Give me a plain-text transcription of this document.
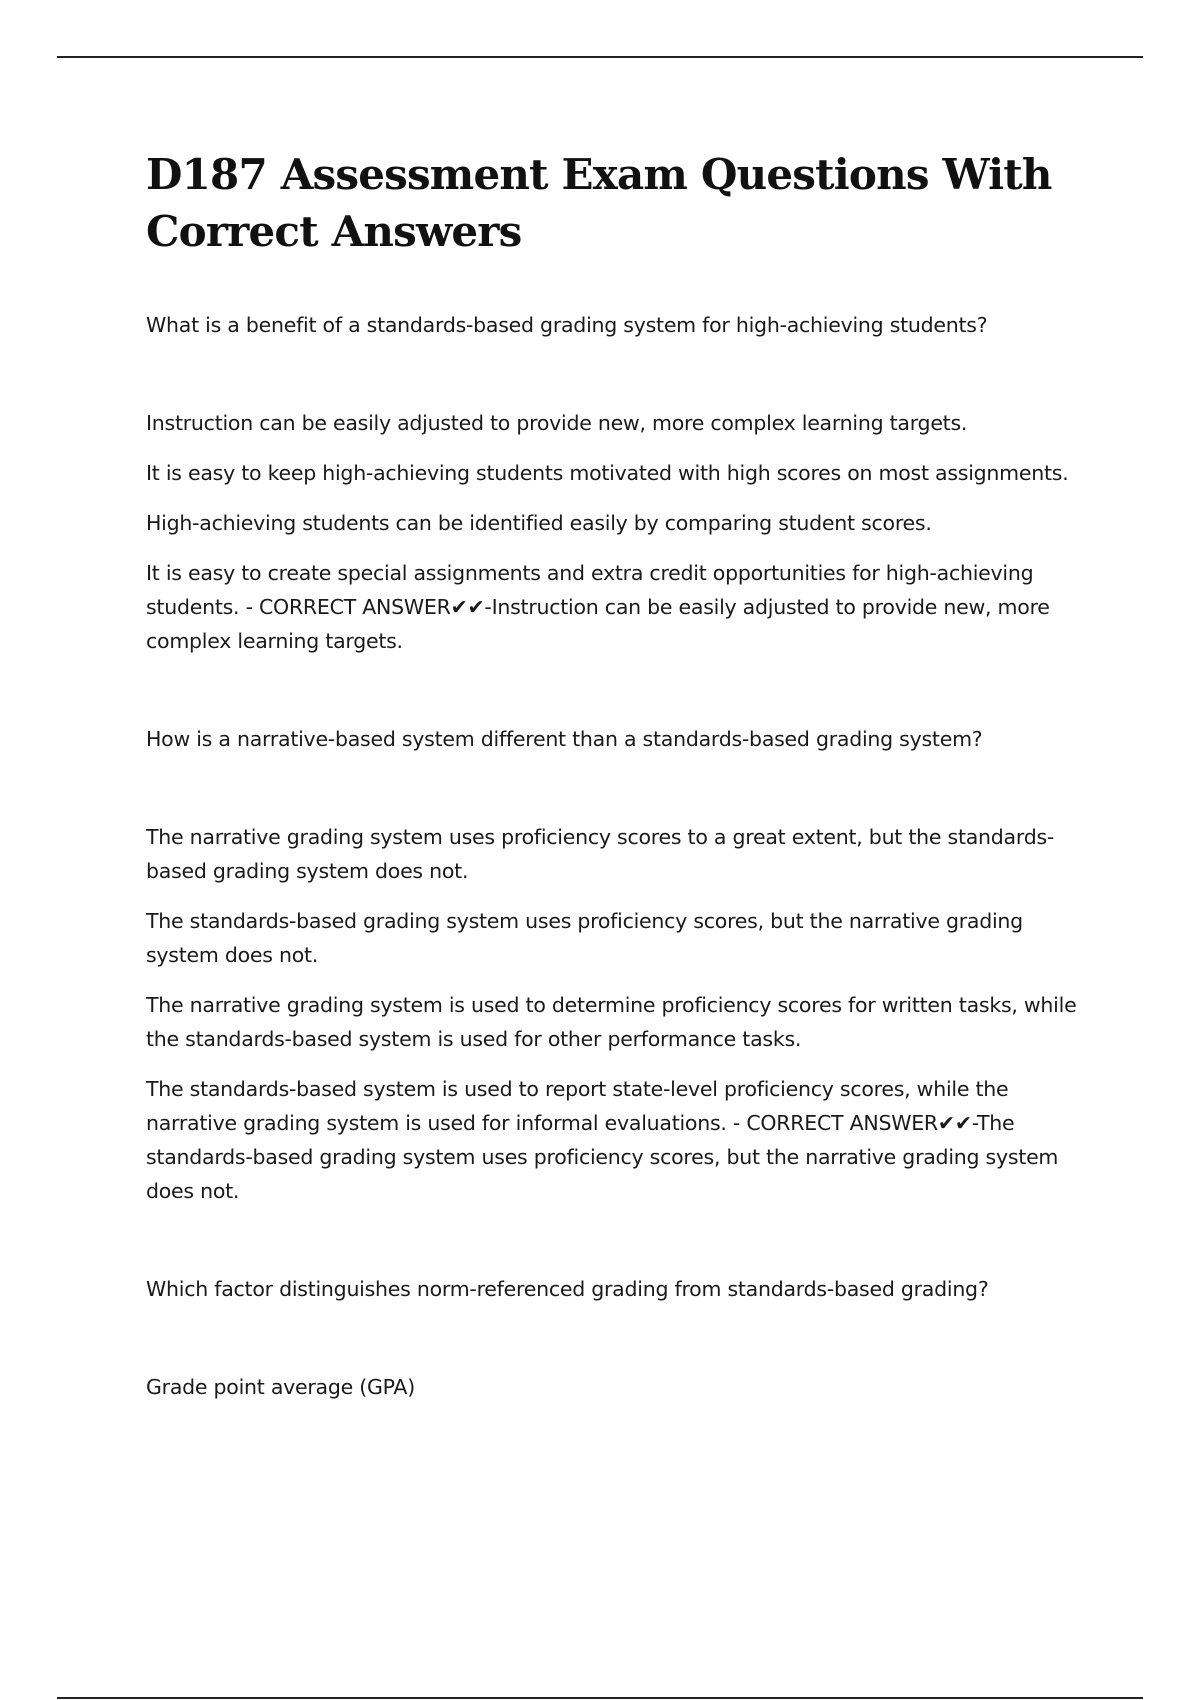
D187 Assessment Exam Questions With Correct Answers

What is a benefit of a standards-based grading system for high-achieving students?

Instruction can be easily adjusted to provide new, more complex learning targets.

It is easy to keep high-achieving students motivated with high scores on most assignments.

High-achieving students can be identified easily by comparing student scores.

It is easy to create special assignments and extra credit opportunities for high-achieving students. - CORRECT ANSWER✔✔-Instruction can be easily adjusted to provide new, more complex learning targets.

How is a narrative-based system different than a standards-based grading system?

The narrative grading system uses proficiency scores to a great extent, but the standards-based grading system does not.

The standards-based grading system uses proficiency scores, but the narrative grading system does not.

The narrative grading system is used to determine proficiency scores for written tasks, while the standards-based system is used for other performance tasks.

The standards-based system is used to report state-level proficiency scores, while the narrative grading system is used for informal evaluations. - CORRECT ANSWER✔✔-The standards-based grading system uses proficiency scores, but the narrative grading system does not.

Which factor distinguishes norm-referenced grading from standards-based grading?

Grade point average (GPA)
